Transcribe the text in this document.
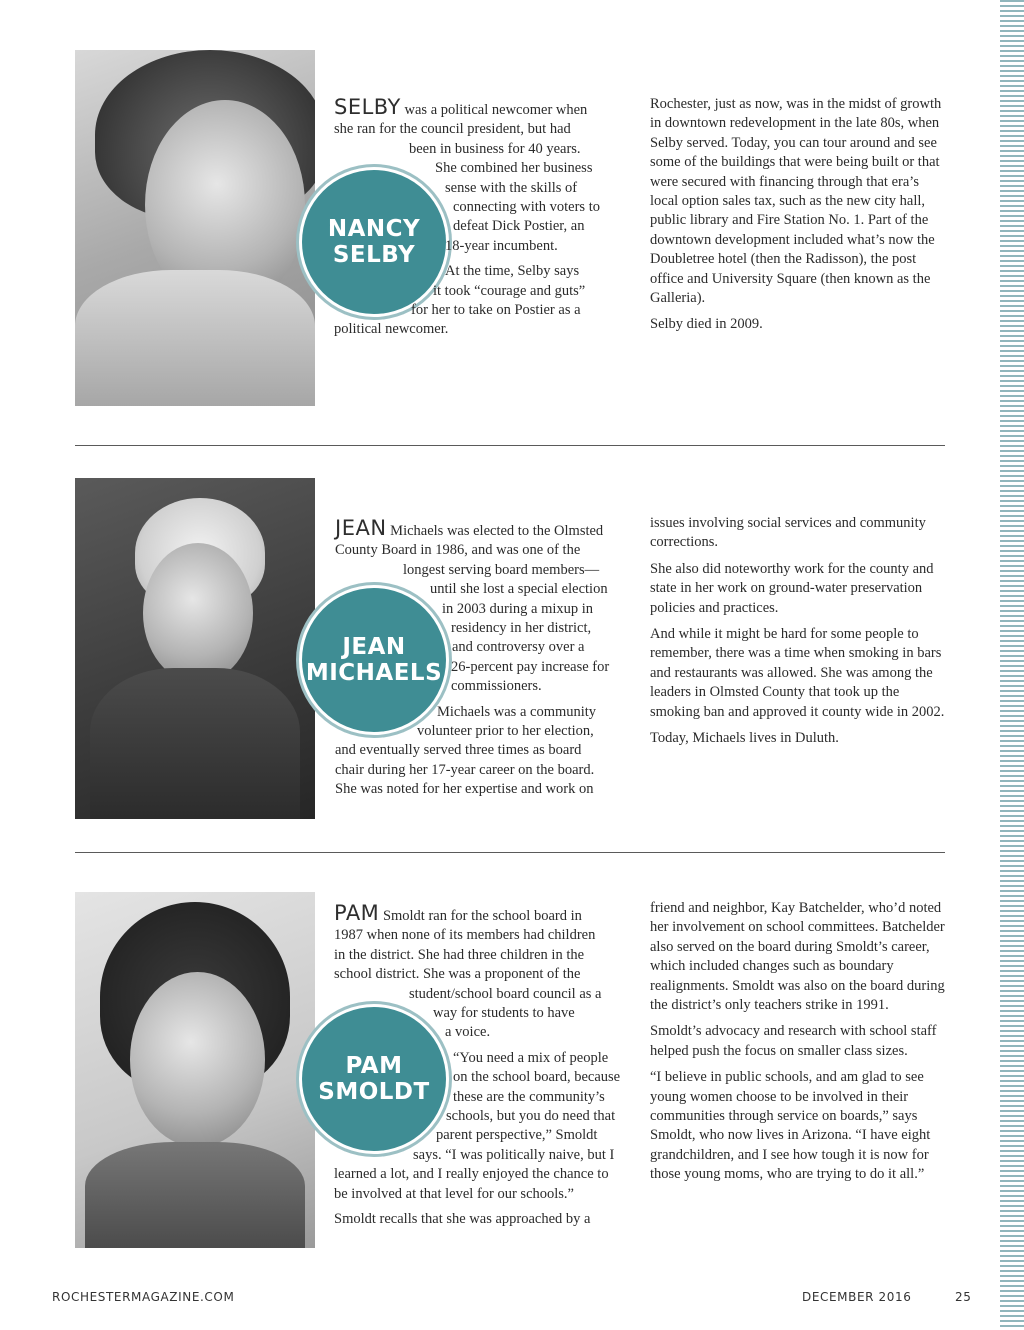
NANCY
SELBY
SELBY was a political newcomer when
she ran for the council president, but had
been in business for 40 years.
She combined her business
sense with the skills of
connecting with voters to
defeat Dick Postier, an
18-year incumbent.
At the time, Selby says
it took “courage and guts”
for her to take on Postier as a
political newcomer.

Rochester, just as now, was in the midst of growth in downtown redevelopment in the late 80s, when Selby served. Today, you can tour around and see some of the buildings that were being built or that were secured with financing through that era’s local option sales tax, such as the new city hall, public library and Fire Station No. 1. Part of the downtown development included what’s now the Doubletree hotel (then the Radisson), the post office and University Square (then known as the Galleria).

Selby died in 2009.

JEAN
MICHAELS
JEAN Michaels was elected to the Olmsted
County Board in 1986, and was one of the
longest serving board members—
until she lost a special election
in 2003 during a mixup in
residency in her district,
and controversy over a
26-percent pay increase for
commissioners.
Michaels was a community
volunteer prior to her election,
and eventually served three times as board
chair during her 17-year career on the board.
She was noted for her expertise and work on

issues involving social services and community corrections.

She also did noteworthy work for the county and state in her work on ground-water preservation policies and practices.

And while it might be hard for some people to remember, there was a time when smoking in bars and restaurants was allowed. She was among the leaders in Olmsted County that took up the smoking ban and approved it county wide in 2002.

Today, Michaels lives in Duluth.

PAM
SMOLDT
PAM Smoldt ran for the school board in
1987 when none of its members had children
in the district. She had three children in the
school district. She was a proponent of the
student/school board council as a
way for students to have
a voice.
“You need a mix of people
on the school board, because
these are the community’s
schools, but you do need that
parent perspective,” Smoldt
says. “I was politically naive, but I
learned a lot, and I really enjoyed the chance to
be involved at that level for our schools.”
Smoldt recalls that she was approached by a

friend and neighbor, Kay Batchelder, who’d noted her involvement on school committees. Batchelder also served on the board during Smoldt’s career, which included changes such as boundary realignments. Smoldt was also on the board during the district’s only teachers strike in 1991.

Smoldt’s advocacy and research with school staff helped push the focus on smaller class sizes.

“I believe in public schools, and am glad to see young women choose to be involved in their communities through service on boards,” says Smoldt, who now lives in Arizona. “I have eight grandchildren, and I see how tough it is now for those young moms, who are trying to do it all.”

ROCHESTERMAGAZINE.COM	DECEMBER 2016	25
